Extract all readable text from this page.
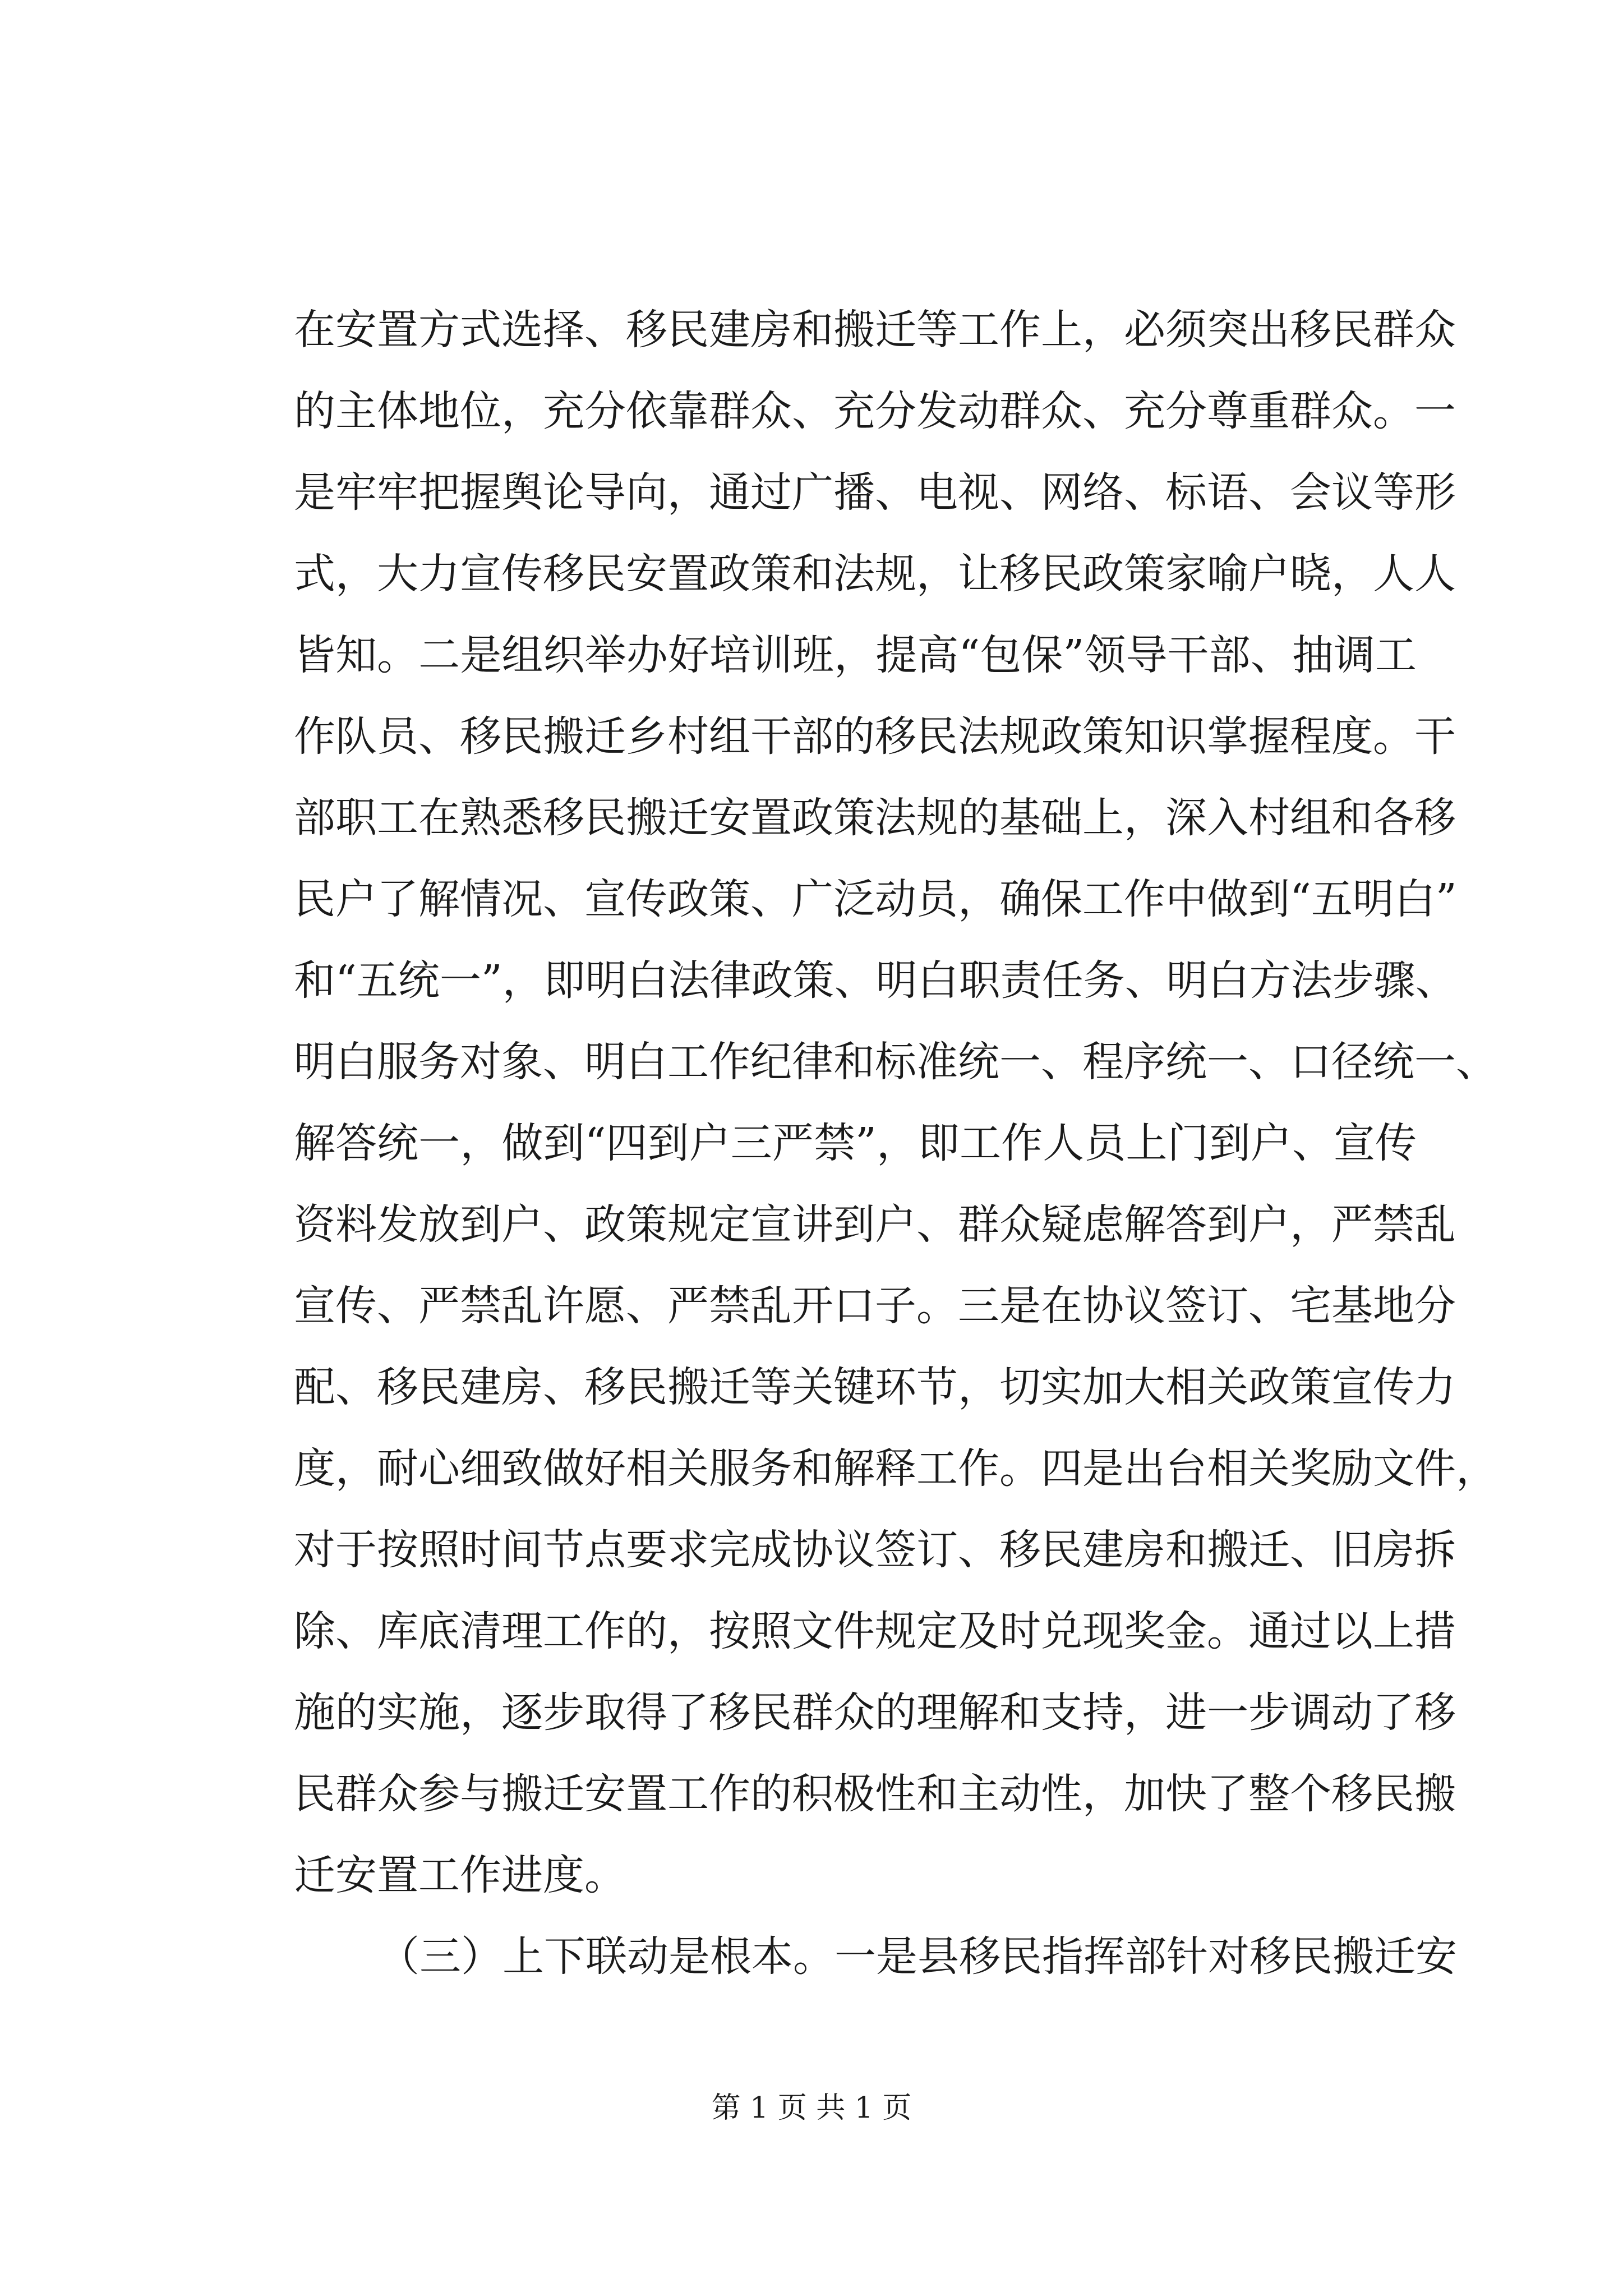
在安置方式选择、移民建房和搬迁等工作上，必须突出移民群众
的主体地位，充分依靠群众、充分发动群众、充分尊重群众。一
是牢牢把握舆论导向，通过广播、电视、网络、标语、会议等形
式，大力宣传移民安置政策和法规，让移民政策家喻户晓，人人
皆知。二是组织举办好培训班，提高“包保”领导干部、抽调工
作队员、移民搬迁乡村组干部的移民法规政策知识掌握程度。干
部职工在熟悉移民搬迁安置政策法规的基础上，深入村组和各移
民户了解情况、宣传政策、广泛动员，确保工作中做到“五明白”
和“五统一”，即明白法律政策、明白职责任务、明白方法步骤、
明白服务对象、明白工作纪律和标准统一、程序统一、口径统一、
解答统一，做到“四到户三严禁”，即工作人员上门到户、宣传
资料发放到户、政策规定宣讲到户、群众疑虑解答到户，严禁乱
宣传、严禁乱许愿、严禁乱开口子。三是在协议签订、宅基地分
配、移民建房、移民搬迁等关键环节，切实加大相关政策宣传力
度，耐心细致做好相关服务和解释工作。四是出台相关奖励文件，
对于按照时间节点要求完成协议签订、移民建房和搬迁、旧房拆
除、库底清理工作的，按照文件规定及时兑现奖金。通过以上措
施的实施，逐步取得了移民群众的理解和支持，进一步调动了移
民群众参与搬迁安置工作的积极性和主动性，加快了整个移民搬
迁安置工作进度。
（三）上下联动是根本。一是县移民指挥部针对移民搬迁安
第 1 页 共 1 页
